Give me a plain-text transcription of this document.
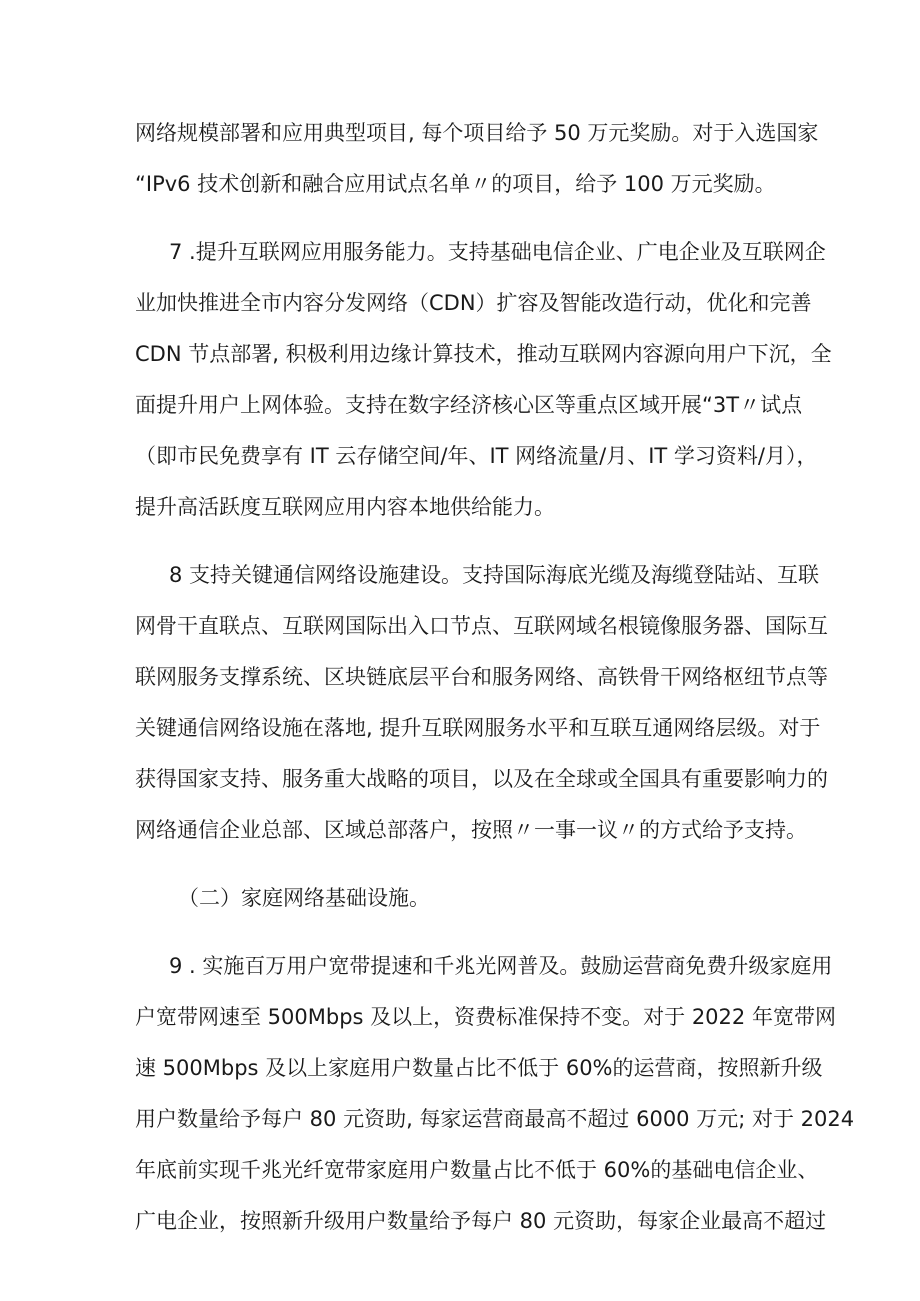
网络规模部署和应用典型项目, 每个项目给予 50 万元奖励。对于入选国家
“IPv6 技术创新和融合应用试点名单〃的项目，给予 100 万元奖励。
7 .提升互联网应用服务能力。支持基础电信企业、广电企业及互联网企
业加快推进全市内容分发网络（CDN）扩容及智能改造行动，优化和完善
CDN 节点部署, 积极利用边缘计算技术，推动互联网内容源向用户下沉，全
面提升用户上网体验。支持在数字经济核心区等重点区域开展“3T〃试点
（即市民免费享有 IT 云存储空间/年、IT 网络流量/月、IT 学习资料/月），
提升高活跃度互联网应用内容本地供给能力。
8 支持关键通信网络设施建设。支持国际海底光缆及海缆登陆站、互联
网骨干直联点、互联网国际出入口节点、互联网域名根镜像服务器、国际互
联网服务支撑系统、区块链底层平台和服务网络、高铁骨干网络枢纽节点等
关键通信网络设施在落地, 提升互联网服务水平和互联互通网络层级。对于
获得国家支持、服务重大战略的项目，以及在全球或全国具有重要影响力的
网络通信企业总部、区域总部落户，按照〃一事一议〃的方式给予支持。
（二）家庭网络基础设施。
9 . 实施百万用户宽带提速和千兆光网普及。鼓励运营商免费升级家庭用
户宽带网速至 500Mbps 及以上，资费标准保持不变。对于 2022 年宽带网
速 500Mbps 及以上家庭用户数量占比不低于 60%的运营商，按照新升级
用户数量给予每户 80 元资助, 每家运营商最高不超过 6000 万元; 对于 2024
年底前实现千兆光纤宽带家庭用户数量占比不低于 60%的基础电信企业、
广电企业，按照新升级用户数量给予每户 80 元资助，每家企业最高不超过
